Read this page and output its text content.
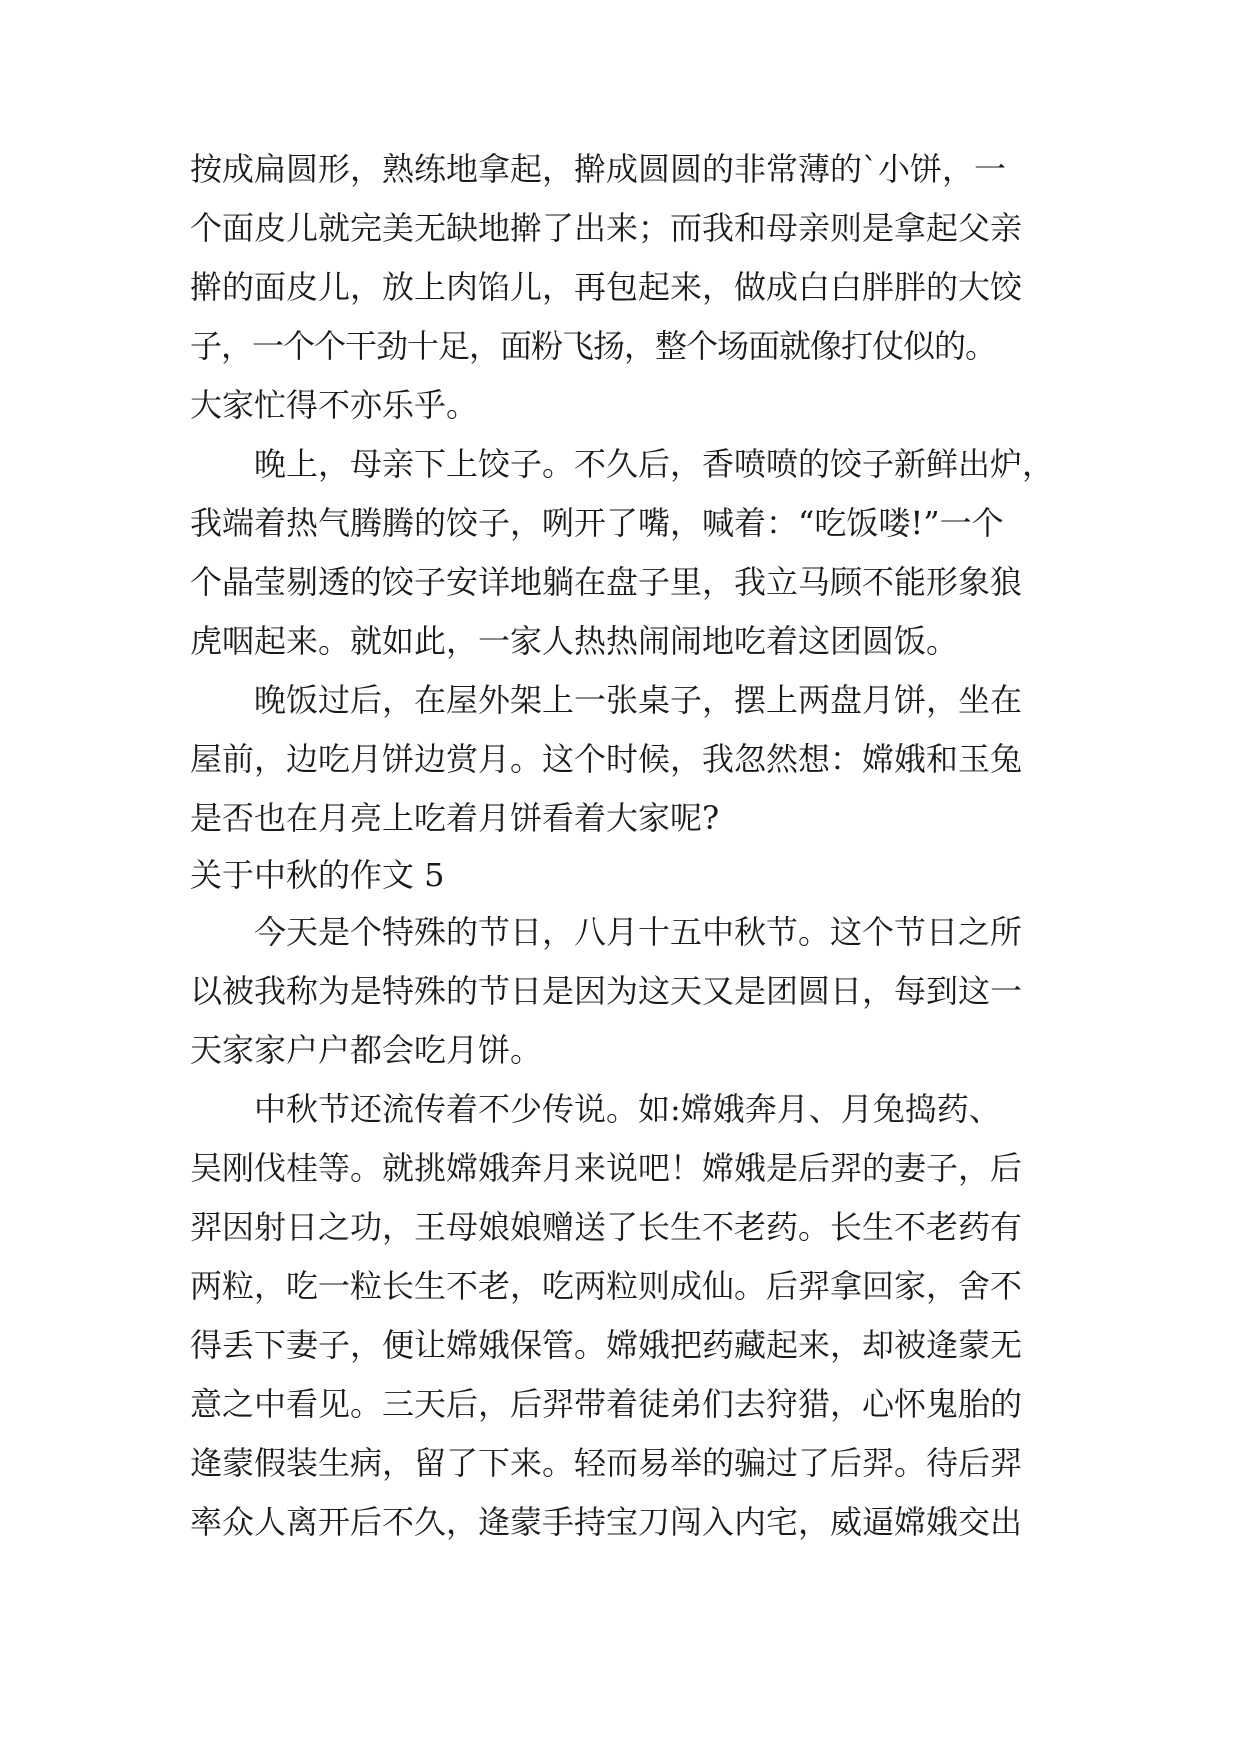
按成扁圆形，熟练地拿起，擀成圆圆的非常薄的`小饼，一
个面皮儿就完美无缺地擀了出来；而我和母亲则是拿起父亲
擀的面皮儿，放上肉馅儿，再包起来，做成白白胖胖的大饺
子，一个个干劲十足，面粉飞扬，整个场面就像打仗似的。
大家忙得不亦乐乎。
晚上，母亲下上饺子。不久后，香喷喷的饺子新鲜出炉，
我端着热气腾腾的饺子，咧开了嘴，喊着：“吃饭喽!”一个
个晶莹剔透的饺子安详地躺在盘子里，我立马顾不能形象狼
虎咽起来。就如此，一家人热热闹闹地吃着这团圆饭。
晚饭过后，在屋外架上一张桌子，摆上两盘月饼，坐在
屋前，边吃月饼边赏月。这个时候，我忽然想：嫦娥和玉兔
是否也在月亮上吃着月饼看着大家呢?
关于中秋的作文 5
今天是个特殊的节日，八月十五中秋节。这个节日之所
以被我称为是特殊的节日是因为这天又是团圆日，每到这一
天家家户户都会吃月饼。
中秋节还流传着不少传说。如:嫦娥奔月、月兔捣药、
吴刚伐桂等。就挑嫦娥奔月来说吧！嫦娥是后羿的妻子，后
羿因射日之功，王母娘娘赠送了长生不老药。长生不老药有
两粒，吃一粒长生不老，吃两粒则成仙。后羿拿回家，舍不
得丢下妻子，便让嫦娥保管。嫦娥把药藏起来，却被逄蒙无
意之中看见。三天后，后羿带着徒弟们去狩猎，心怀鬼胎的
逄蒙假装生病，留了下来。轻而易举的骗过了后羿。待后羿
率众人离开后不久，逄蒙手持宝刀闯入内宅，威逼嫦娥交出
